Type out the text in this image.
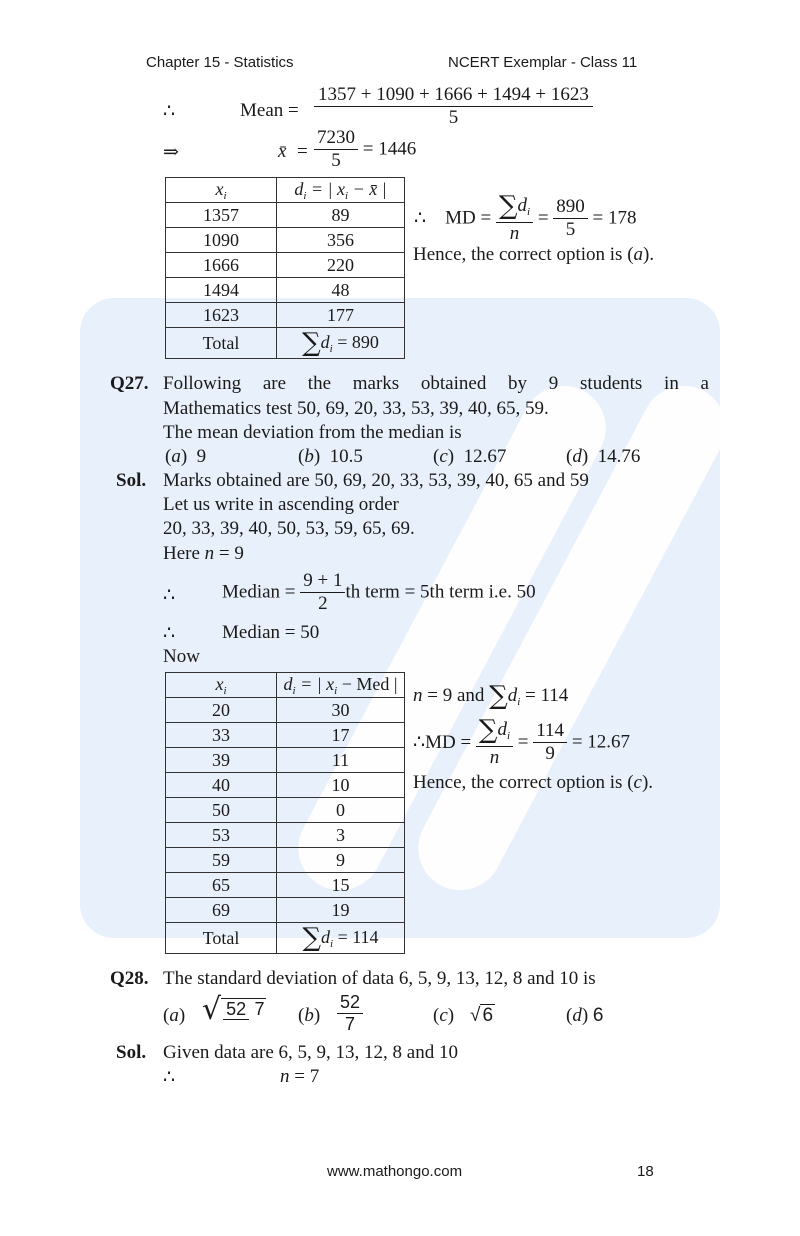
Chapter 15 - Statistics	NCERT Exemplar - Class 11
∴	Mean = $\frac{1357 + 1090 + 1666 + 1494 + 1623}{5}$
⇒	x̄ = $\frac{7230}{5} = 1446$
$x_i$	$d_i$ = | $x_i$ − x̄ |
1357	89
1090	356
1666	220
1494	48
1623	177
Total	$\sum d_i = 890$
∴    MD = $\frac{\sum d_i}{n} = \frac{890}{5} = 178$
Hence, the correct option is (a).
Q27. Following are the marks obtained by 9 students in a
Mathematics test 50, 69, 20, 33, 53, 39, 40, 65, 59.
The mean deviation from the median is
(a)  9	(b)  10.5	(c)  12.67	(d)  14.76
Sol. Marks obtained are 50, 69, 20, 33, 53, 39, 40, 65 and 59
Let us write in ascending order
20, 33, 39, 40, 50, 53, 59, 65, 69.
Here n = 9
∴ Median = $\frac{9 + 1}{2}$ th term = 5th term i.e. 50
∴ Median = 50
Now
$x_i$	$d_i$ = | $x_i$ − Med |
20	30
33	17
39	11
40	10
50	0
53	3
59	9
65	15
69	19
Total	$\sum d_i = 114$
n = 9 and $\sum d_i = 114$
∴MD = $\frac{\sum d_i}{n} = \frac{114}{9} = 12.67$
Hence, the correct option is (c).
Q28. The standard deviation of data 6, 5, 9, 13, 12, 8 and 10 is
(a) √ 52 7 $(b) \frac{52}{7}$	(c) √ 6	(d) 6
Sol. Given data are 6, 5, 9, 13, 12, 8 and 10
∴	n = 7
www.mathongo.com	18
